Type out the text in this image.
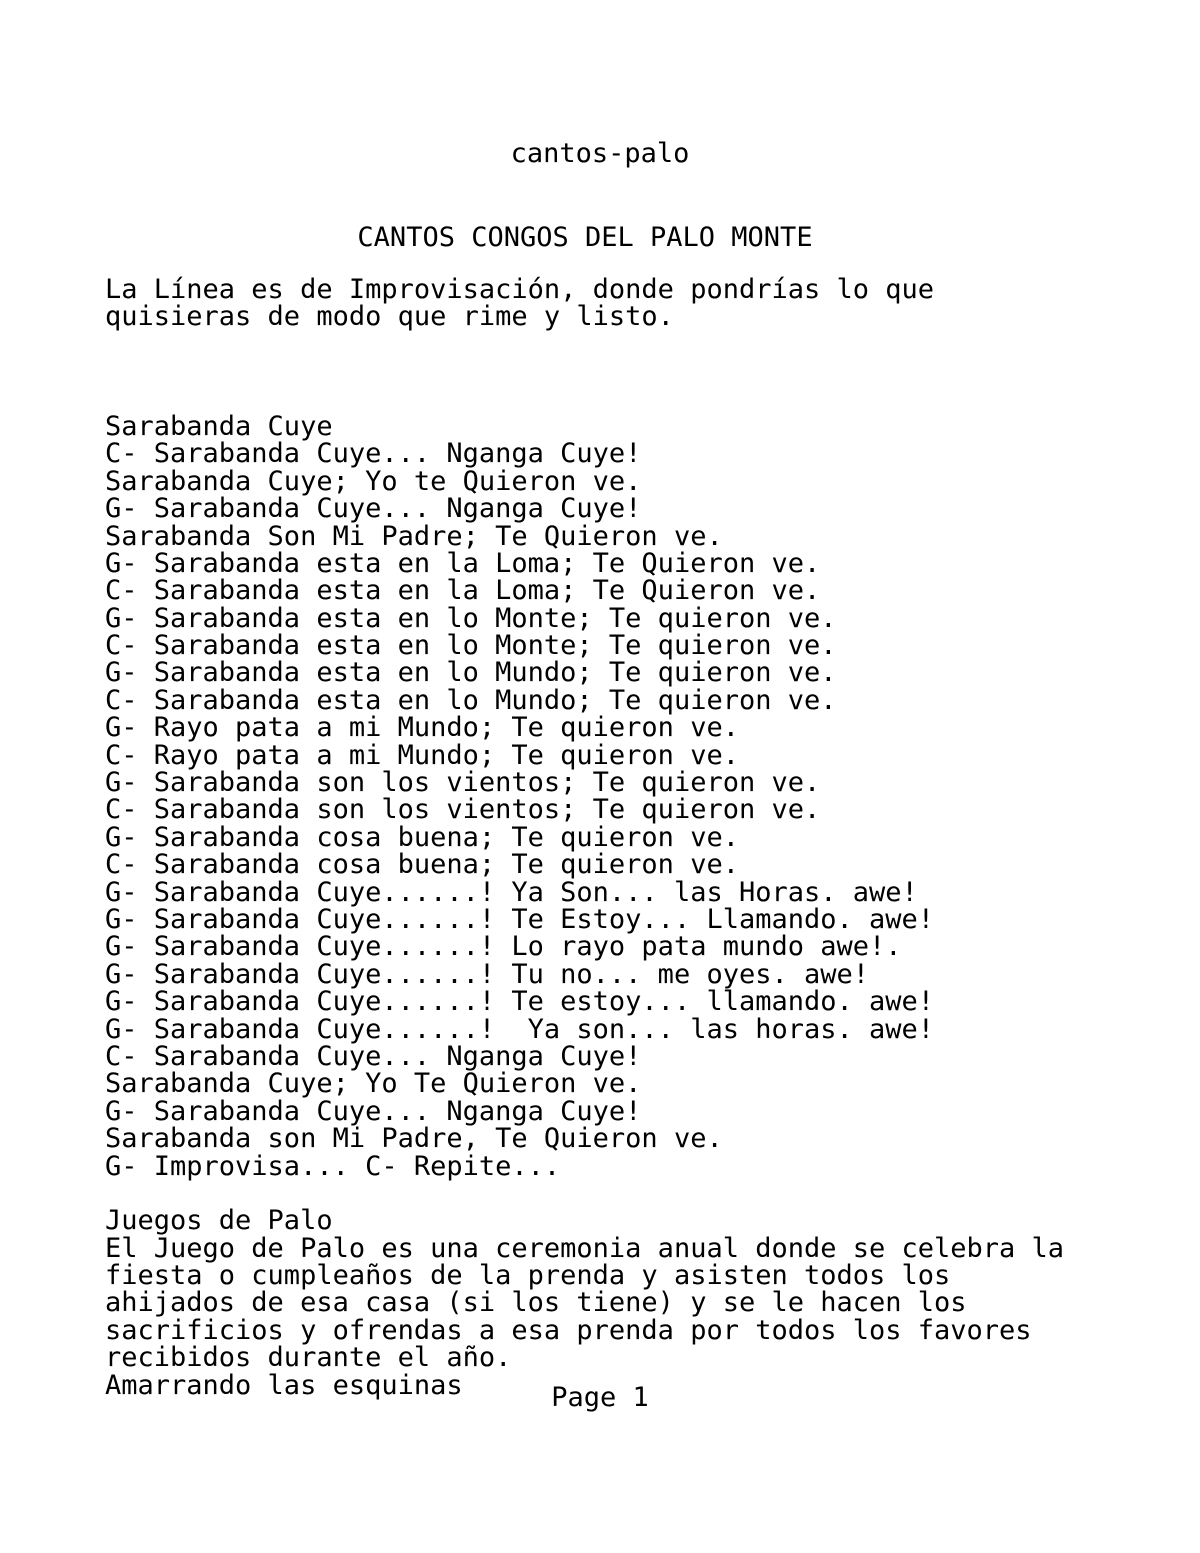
cantos-palo
CANTOS CONGOS DEL PALO MONTE
La Línea es de Improvisación, donde pondrías lo que
quisieras de modo que rime y listo.
Sarabanda Cuye
C- Sarabanda Cuye... Nganga Cuye!
Sarabanda Cuye; Yo te Quieron ve.
G- Sarabanda Cuye... Nganga Cuye!
Sarabanda Son Mi Padre; Te Quieron ve.
G- Sarabanda esta en la Loma; Te Quieron ve.
C- Sarabanda esta en la Loma; Te Quieron ve.
G- Sarabanda esta en lo Monte; Te quieron ve.
C- Sarabanda esta en lo Monte; Te quieron ve.
G- Sarabanda esta en lo Mundo; Te quieron ve.
C- Sarabanda esta en lo Mundo; Te quieron ve.
G- Rayo pata a mi Mundo; Te quieron ve.
C- Rayo pata a mi Mundo; Te quieron ve.
G- Sarabanda son los vientos; Te quieron ve.
C- Sarabanda son los vientos; Te quieron ve.
G- Sarabanda cosa buena; Te quieron ve.
C- Sarabanda cosa buena; Te quieron ve.
G- Sarabanda Cuye......! Ya Son... las Horas. awe!
G- Sarabanda Cuye......! Te Estoy... Llamando. awe!
G- Sarabanda Cuye......! Lo rayo pata mundo awe!.
G- Sarabanda Cuye......! Tu no... me oyes. awe!
G- Sarabanda Cuye......! Te estoy... llamando. awe!
G- Sarabanda Cuye......!  Ya son... las horas. awe!
C- Sarabanda Cuye... Nganga Cuye!
Sarabanda Cuye; Yo Te Quieron ve.
G- Sarabanda Cuye... Nganga Cuye!
Sarabanda son Mi Padre, Te Quieron ve.
G- Improvisa... C- Repite...
Juegos de Palo
El Juego de Palo es una ceremonia anual donde se celebra la
fiesta o cumpleaños de la prenda y asisten todos los
ahijados de esa casa (si los tiene) y se le hacen los
sacrificios y ofrendas a esa prenda por todos los favores
recibidos durante el año.
Amarrando las esquinas	Page 1
